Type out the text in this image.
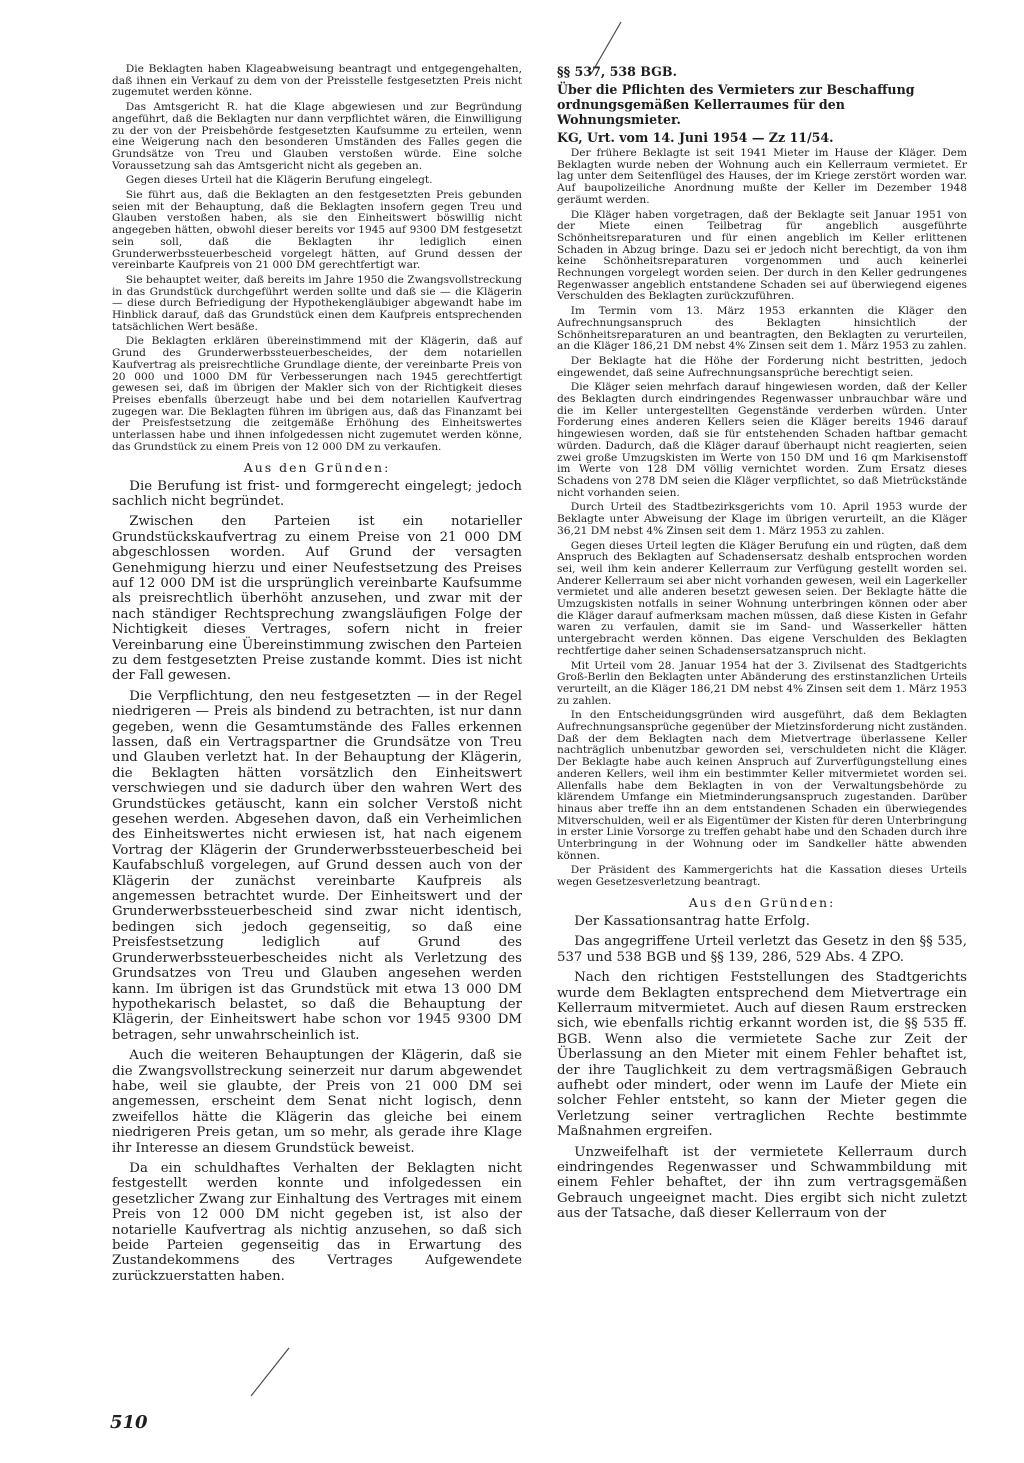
Die Beklagten haben Klageabweisung beantragt und entgegengehalten, daß ihnen ein Verkauf zu dem von der Preisstelle festgesetzten Preis nicht zugemutet werden könne.

Das Amtsgericht R. hat die Klage abgewiesen und zur Begründung angeführt, daß die Beklagten nur dann verpflichtet wären, die Einwilligung zu der von der Preisbehörde festgesetzten Kaufsumme zu erteilen, wenn eine Weigerung nach den besonderen Umständen des Falles gegen die Grundsätze von Treu und Glauben verstoßen würde. Eine solche Voraussetzung sah das Amtsgericht nicht als gegeben an.

Gegen dieses Urteil hat die Klägerin Berufung eingelegt.

Sie führt aus, daß die Beklagten an den festgesetzten Preis gebunden seien mit der Behauptung, daß die Beklagten insofern gegen Treu und Glauben verstoßen haben, als sie den Einheitswert böswillig nicht angegeben hätten, obwohl dieser bereits vor 1945 auf 9300 DM festgesetzt sein soll, daß die Beklagten ihr lediglich einen Grunderwerbssteuerbescheid vorgelegt hätten, auf Grund dessen der vereinbarte Kaufpreis von 21 000 DM gerechtfertigt war.

Sie behauptet weiter, daß bereits im Jahre 1950 die Zwangsvollstreckung in das Grundstück durchgeführt werden sollte und daß sie — die Klägerin — diese durch Befriedigung der Hypothekengläubiger abgewandt habe im Hinblick darauf, daß das Grundstück einen dem Kaufpreis entsprechenden tatsächlichen Wert besäße.

Die Beklagten erklären übereinstimmend mit der Klägerin, daß auf Grund des Grunderwerbssteuerbescheides, der dem notariellen Kaufvertrag als preisrechtliche Grundlage diente, der vereinbarte Preis von 20 000 und 1000 DM für Verbesserungen nach 1945 gerechtfertigt gewesen sei, daß im übrigen der Makler sich von der Richtigkeit dieses Preises ebenfalls überzeugt habe und bei dem notariellen Kaufvertrag zugegen war. Die Beklagten führen im übrigen aus, daß das Finanzamt bei der Preisfestsetzung die zeitgemäße Erhöhung des Einheitswertes unterlassen habe und ihnen infolgedessen nicht zugemutet werden könne, das Grundstück zu einem Preis von 12 000 DM zu verkaufen.

Aus den Gründen:

Die Berufung ist frist- und formgerecht eingelegt; jedoch sachlich nicht begründet.

Zwischen den Parteien ist ein notarieller Grundstückskaufvertrag zu einem Preise von 21 000 DM abgeschlossen worden. Auf Grund der versagten Genehmigung hierzu und einer Neufestsetzung des Preises auf 12 000 DM ist die ursprünglich vereinbarte Kaufsumme als preisrechtlich überhöht anzusehen, und zwar mit der nach ständiger Rechtsprechung zwangsläufigen Folge der Nichtigkeit dieses Vertrages, sofern nicht in freier Vereinbarung eine Übereinstimmung zwischen den Parteien zu dem festgesetzten Preise zustande kommt. Dies ist nicht der Fall gewesen.

Die Verpflichtung, den neu festgesetzten — in der Regel niedrigeren — Preis als bindend zu betrachten, ist nur dann gegeben, wenn die Gesamtumstände des Falles erkennen lassen, daß ein Vertragspartner die Grundsätze von Treu und Glauben verletzt hat. In der Behauptung der Klägerin, die Beklagten hätten vorsätzlich den Einheitswert verschwiegen und sie dadurch über den wahren Wert des Grundstückes getäuscht, kann ein solcher Verstoß nicht gesehen werden. Abgesehen davon, daß ein Verheimlichen des Einheitswertes nicht erwiesen ist, hat nach eigenem Vortrag der Klägerin der Grunderwerbssteuerbescheid bei Kaufabschluß vorgelegen, auf Grund dessen auch von der Klägerin der zunächst vereinbarte Kaufpreis als angemessen betrachtet wurde. Der Einheitswert und der Grunderwerbssteuerbescheid sind zwar nicht identisch, bedingen sich jedoch gegenseitig, so daß eine Preisfestsetzung lediglich auf Grund des Grunderwerbssteuerbescheides nicht als Verletzung des Grundsatzes von Treu und Glauben angesehen werden kann. Im übrigen ist das Grundstück mit etwa 13 000 DM hypothekarisch belastet, so daß die Behauptung der Klägerin, der Einheitswert habe schon vor 1945 9300 DM betragen, sehr unwahrscheinlich ist.

Auch die weiteren Behauptungen der Klägerin, daß sie die Zwangsvollstreckung seinerzeit nur darum abgewendet habe, weil sie glaubte, der Preis von 21 000 DM sei angemessen, erscheint dem Senat nicht logisch, denn zweifellos hätte die Klägerin das gleiche bei einem niedrigeren Preis getan, um so mehr, als gerade ihre Klage ihr Interesse an diesem Grundstück beweist.

Da ein schuldhaftes Verhalten der Beklagten nicht festgestellt werden konnte und infolgedessen ein gesetzlicher Zwang zur Einhaltung des Vertrages mit einem Preis von 12 000 DM nicht gegeben ist, ist also der notarielle Kaufvertrag als nichtig anzusehen, so daß sich beide Parteien gegenseitig das in Erwartung des Zustandekommens des Vertrages Aufgewendete zurückzuerstatten haben.

§§ 537, 538 BGB.
Über die Pflichten des Vermieters zur Beschaffung ordnungsgemäßen Kellerraumes für den Wohnungsmieter.
KG, Urt. vom 14. Juni 1954 — Zz 11/54.

Der frühere Beklagte ist seit 1941 Mieter im Hause der Kläger. Dem Beklagten wurde neben der Wohnung auch ein Kellerraum vermietet. Er lag unter dem Seitenflügel des Hauses, der im Kriege zerstört worden war. Auf baupolizeiliche Anordnung mußte der Keller im Dezember 1948 geräumt werden.

Die Kläger haben vorgetragen, daß der Beklagte seit Januar 1951 von der Miete einen Teilbetrag für angeblich ausgeführte Schönheitsreparaturen und für einen angeblich im Keller erlittenen Schaden in Abzug bringe. Dazu sei er jedoch nicht berechtigt, da von ihm keine Schönheitsreparaturen vorgenommen und auch keinerlei Rechnungen vorgelegt worden seien. Der durch in den Keller gedrungenes Regenwasser angeblich entstandene Schaden sei auf überwiegend eigenes Verschulden des Beklagten zurückzuführen.

Im Termin vom 13. März 1953 erkannten die Kläger den Aufrechnungsanspruch des Beklagten hinsichtlich der Schönheitsreparaturen an und beantragten, den Beklagten zu verurteilen, an die Kläger 186,21 DM nebst 4% Zinsen seit dem 1. März 1953 zu zahlen.

Der Beklagte hat die Höhe der Forderung nicht bestritten, jedoch eingewendet, daß seine Aufrechnungsansprüche berechtigt seien.

Die Kläger seien mehrfach darauf hingewiesen worden, daß der Keller des Beklagten durch eindringendes Regenwasser unbrauchbar wäre und die im Keller untergestellten Gegenstände verderben würden. Unter Forderung eines anderen Kellers seien die Kläger bereits 1946 darauf hingewiesen worden, daß sie für entstehenden Schaden haftbar gemacht würden. Dadurch, daß die Kläger darauf überhaupt nicht reagierten, seien zwei große Umzugskisten im Werte von 150 DM und 16 qm Markisenstoff im Werte von 128 DM völlig vernichtet worden. Zum Ersatz dieses Schadens von 278 DM seien die Kläger verpflichtet, so daß Mietrückstände nicht vorhanden seien.

Durch Urteil des Stadtbezirksgerichts vom 10. April 1953 wurde der Beklagte unter Abweisung der Klage im übrigen verurteilt, an die Kläger 36,21 DM nebst 4% Zinsen seit dem 1. März 1953 zu zahlen.

Gegen dieses Urteil legten die Kläger Berufung ein und rügten, daß dem Anspruch des Beklagten auf Schadensersatz deshalb entsprochen worden sei, weil ihm kein anderer Kellerraum zur Verfügung gestellt worden sei. Anderer Kellerraum sei aber nicht vorhanden gewesen, weil ein Lagerkeller vermietet und alle anderen besetzt gewesen seien. Der Beklagte hätte die Umzugskisten notfalls in seiner Wohnung unterbringen können oder aber die Kläger darauf aufmerksam machen müssen, daß diese Kisten in Gefahr waren zu verfaulen, damit sie im Sand- und Wasserkeller hätten untergebracht werden können. Das eigene Verschulden des Beklagten rechtfertige daher seinen Schadensersatzanspruch nicht.

Mit Urteil vom 28. Januar 1954 hat der 3. Zivilsenat des Stadtgerichts Groß-Berlin den Beklagten unter Abänderung des erstinstanzlichen Urteils verurteilt, an die Kläger 186,21 DM nebst 4% Zinsen seit dem 1. März 1953 zu zahlen.

In den Entscheidungsgründen wird ausgeführt, daß dem Beklagten Aufrechnungsansprüche gegenüber der Mietzinsforderung nicht zuständen. Daß der dem Beklagten nach dem Mietvertrage überlassene Keller nachträglich unbenutzbar geworden sei, verschuldeten nicht die Kläger. Der Beklagte habe auch keinen Anspruch auf Zurverfügungstellung eines anderen Kellers, weil ihm ein bestimmter Keller mitvermietet worden sei. Allenfalls habe dem Beklagten in von der Verwaltungsbehörde zu klärendem Umfange ein Mietminderungsanspruch zugestanden. Darüber hinaus aber treffe ihn an dem entstandenen Schaden ein überwiegendes Mitverschulden, weil er als Eigentümer der Kisten für deren Unterbringung in erster Linie Vorsorge zu treffen gehabt habe und den Schaden durch ihre Unterbringung in der Wohnung oder im Sandkeller hätte abwenden können.

Der Präsident des Kammergerichts hat die Kassation dieses Urteils wegen Gesetzesverletzung beantragt.

Aus den Gründen:

Der Kassationsantrag hatte Erfolg.

Das angegriffene Urteil verletzt das Gesetz in den §§ 535, 537 und 538 BGB und §§ 139, 286, 529 Abs. 4 ZPO.

Nach den richtigen Feststellungen des Stadtgerichts wurde dem Beklagten entsprechend dem Mietvertrage ein Kellerraum mitvermietet. Auch auf diesen Raum erstrecken sich, wie ebenfalls richtig erkannt worden ist, die §§ 535 ff. BGB. Wenn also die vermietete Sache zur Zeit der Überlassung an den Mieter mit einem Fehler behaftet ist, der ihre Tauglichkeit zu dem vertragsmäßigen Gebrauch aufhebt oder mindert, oder wenn im Laufe der Miete ein solcher Fehler entsteht, so kann der Mieter gegen die Verletzung seiner vertraglichen Rechte bestimmte Maßnahmen ergreifen.

Unzweifelhaft ist der vermietete Kellerraum durch eindringendes Regenwasser und Schwammbildung mit einem Fehler behaftet, der ihn zum vertragsgemäßen Gebrauch ungeeignet macht. Dies ergibt sich nicht zuletzt aus der Tatsache, daß dieser Kellerraum von der

510
